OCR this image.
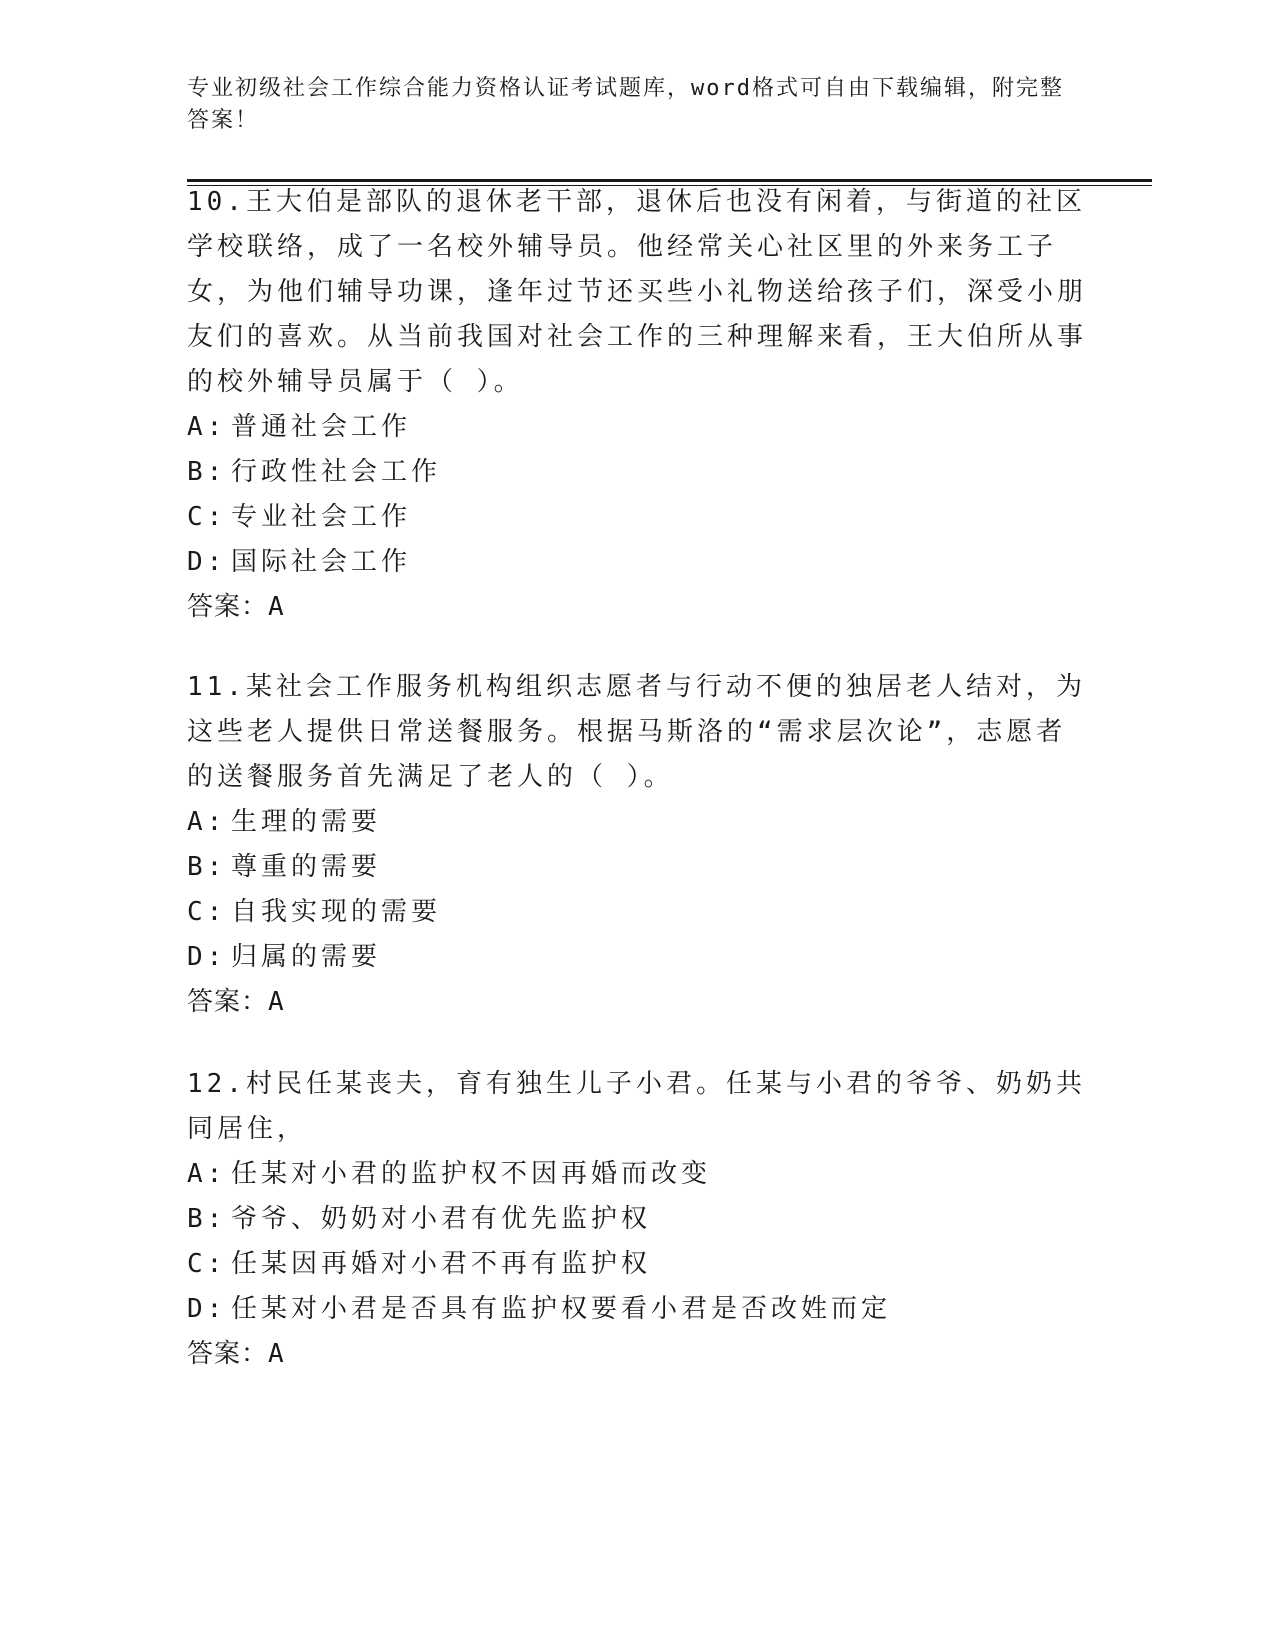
专业初级社会工作综合能力资格认证考试题库，word格式可自由下载编辑，附完整答案！

10.王大伯是部队的退休老干部，退休后也没有闲着，与街道的社区学校联络，成了一名校外辅导员。他经常关心社区里的外来务工子女，为他们辅导功课，逢年过节还买些小礼物送给孩子们，深受小朋友们的喜欢。从当前我国对社会工作的三种理解来看，王大伯所从事的校外辅导员属于（ ）。

A: 普通社会工作
B: 行政性社会工作
C: 专业社会工作
D: 国际社会工作
答案：A

11.某社会工作服务机构组织志愿者与行动不便的独居老人结对，为这些老人提供日常送餐服务。根据马斯洛的“需求层次论”，志愿者的送餐服务首先满足了老人的（ ）。

A: 生理的需要
B: 尊重的需要
C: 自我实现的需要
D: 归属的需要
答案：A

12.村民任某丧夫，育有独生儿子小君。任某与小君的爷爷、奶奶共同居住，

A: 任某对小君的监护权不因再婚而改变
B: 爷爷、奶奶对小君有优先监护权
C: 任某因再婚对小君不再有监护权
D: 任某对小君是否具有监护权要看小君是否改姓而定
答案：A
